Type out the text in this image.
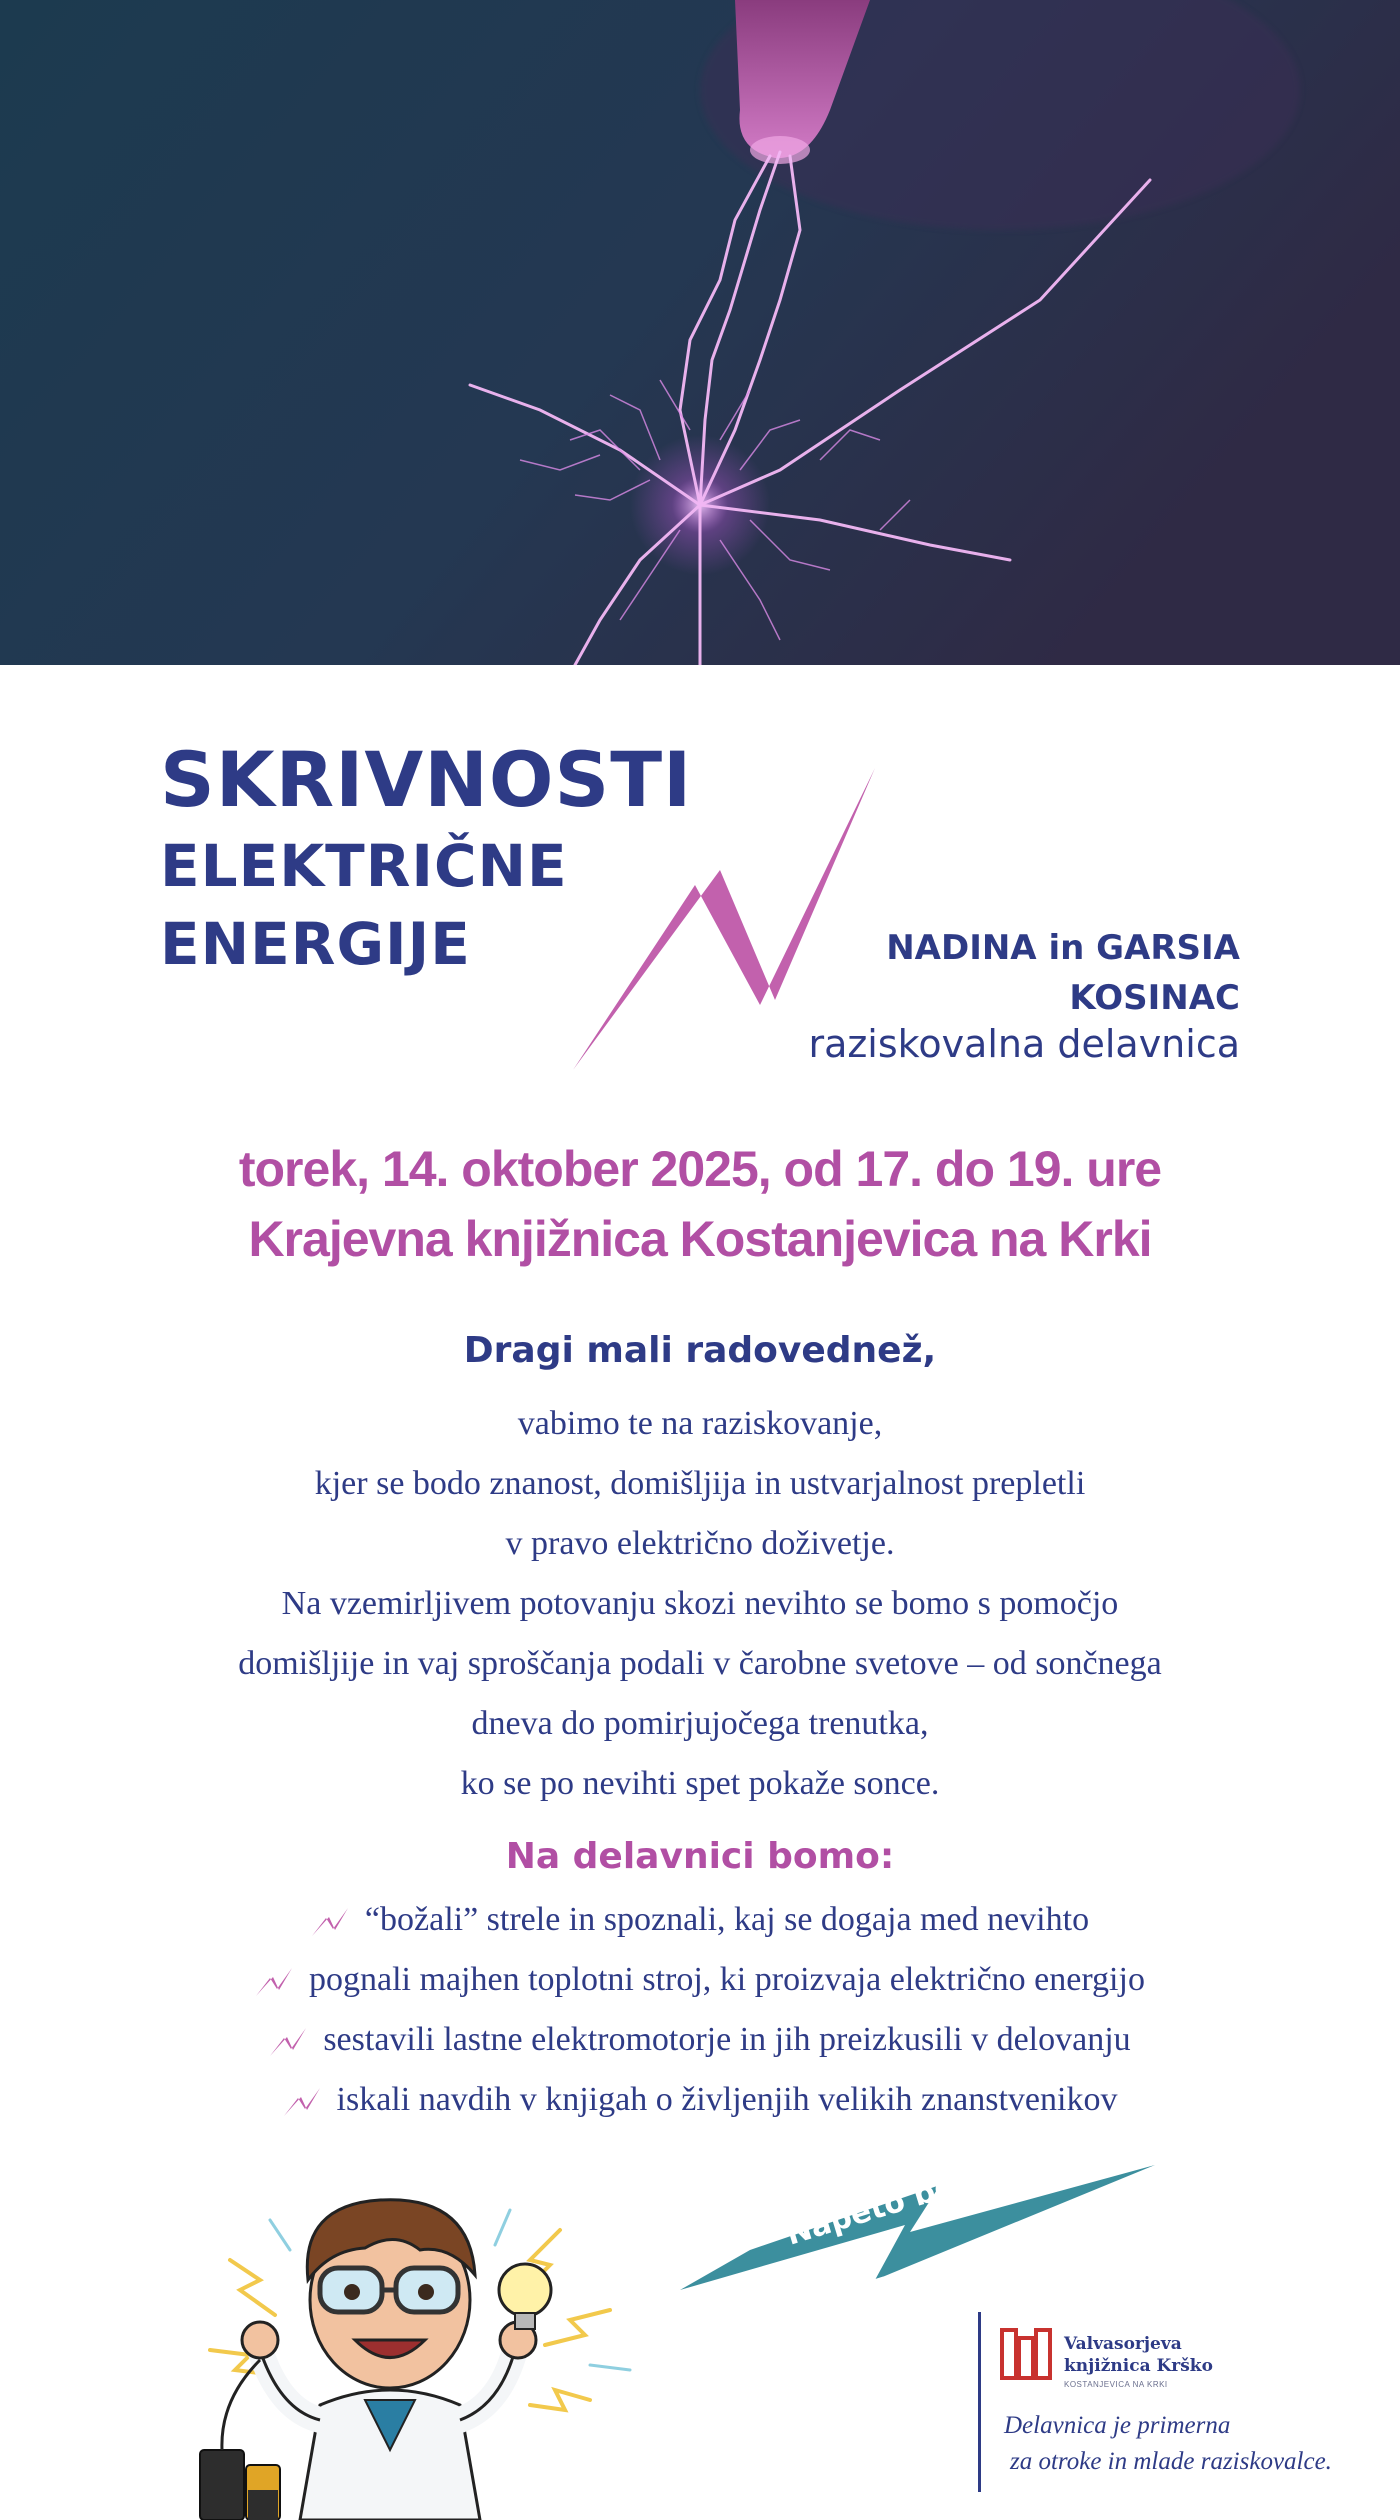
SKRIVNOSTI
ELEKTRIČNE
ENERGIJE	NADINA in GARSIA

KOSINAC

raziskovalna delavnica

torek, 14. oktober 2025, od 17. do 19. ure

Krajevna knjižnica Kostanjevica na Krki

Dragi mali radovednež,

vabimo te na raziskovanje,
kjer se bodo znanost, domišljija in ustvarjalnost prepletli
v pravo električno doživetje.
Na vzemirljivem potovanju skozi nevihto se bomo s pomočjo
domišljije in vaj sproščanja podali v čarobne svetove – od sončnega
dneva do pomirjujočega trenutka,
ko se po nevihti spet pokaže sonce.

Na delavnici bomo:

“božali” strele in spoznali, kaj se dogaja med nevihto
pognali majhen toplotni stroj, ki proizvaja električno energijo
sestavili lastne elektromotorje in jih preizkusili v delovanju
iskali navdih v knjigah o življenjih velikih znanstvenikov
Napeto bo.
Pridi!

Valvasorjeva

knjižnica Krško

KOSTANJEVICA NA KRKI

Delavnica je primerna

za otroke in mlade raziskovalce.
